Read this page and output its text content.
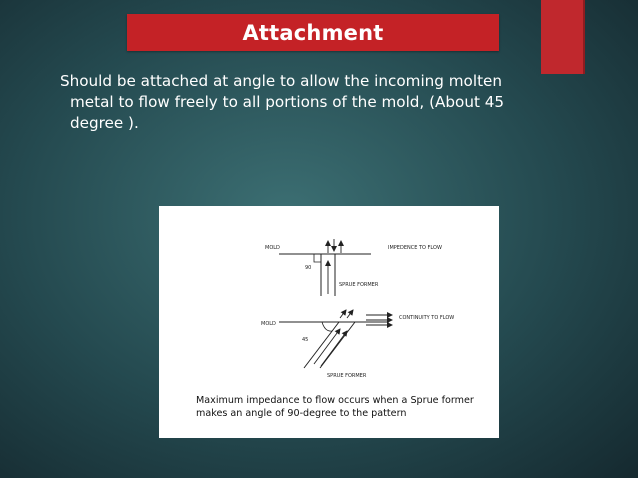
Attachment
Should be attached at angle to allow the incoming molten metal to flow freely to all portions of the mold, (About 45 degree ).
MOLD
90
IMPEDENCE TO FLOW
SPRUE FORMER
MOLD
45
CONTINUITY TO FLOW
SPRUE FORMER
Maximum impedance to flow occurs when a Sprue former makes an angle of 90-degree to the pattern
